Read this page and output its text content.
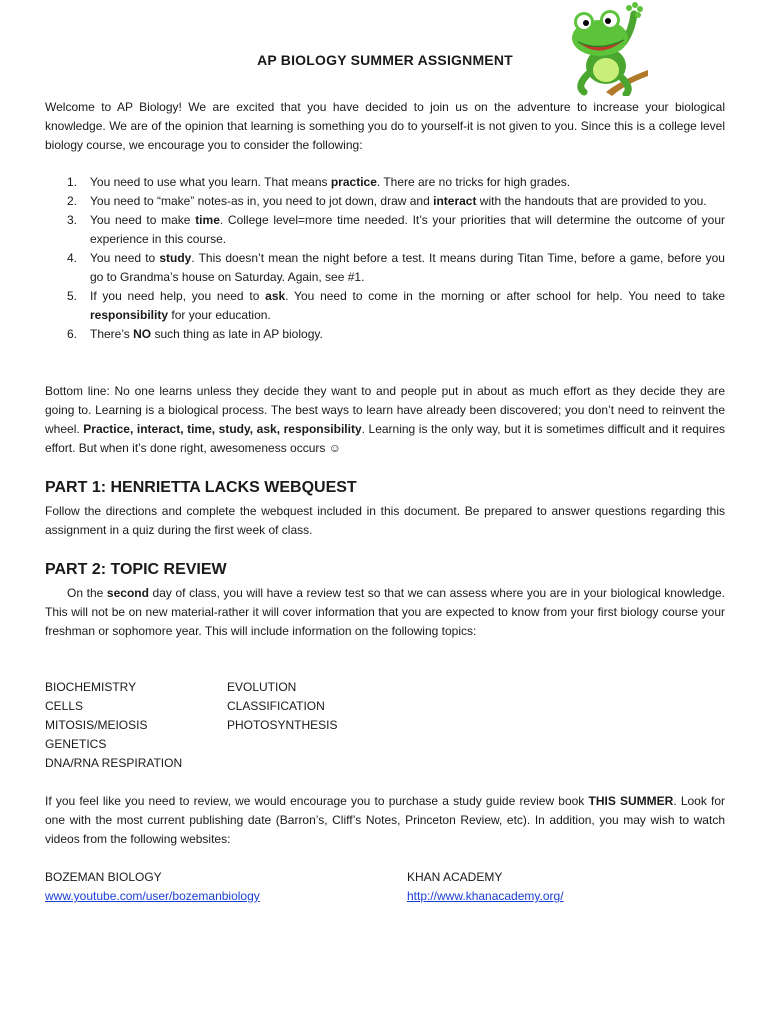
AP BIOLOGY SUMMER ASSIGNMENT

Welcome to AP Biology! We are excited that you have decided to join us on the adventure to increase your biological knowledge. We are of the opinion that learning is something you do to yourself-it is not given to you. Since this is a college level biology course, we encourage you to consider the following:

1. You need to use what you learn. That means practice. There are no tricks for high grades.
2. You need to “make” notes-as in, you need to jot down, draw and interact with the handouts that are provided to you.
3. You need to make time. College level=more time needed. It’s your priorities that will determine the outcome of your experience in this course.
4. You need to study. This doesn’t mean the night before a test. It means during Titan Time, before a game, before you go to Grandma’s house on Saturday. Again, see #1.
5. If you need help, you need to ask. You need to come in the morning or after school for help. You need to take responsibility for your education.
6. There’s NO such thing as late in AP biology.

Bottom line: No one learns unless they decide they want to and people put in about as much effort as they decide they are going to. Learning is a biological process. The best ways to learn have already been discovered; you don’t need to reinvent the wheel. Practice, interact, time, study, ask, responsibility. Learning is the only way, but it is sometimes difficult and it requires effort. But when it’s done right, awesomeness occurs ☺

PART 1: HENRIETTA LACKS WEBQUEST

Follow the directions and complete the webquest included in this document. Be prepared to answer questions regarding this assignment in a quiz during the first week of class.

PART 2: TOPIC REVIEW

On the second day of class, you will have a review test so that we can assess where you are in your biological knowledge. This will not be on new material-rather it will cover information that you are expected to know from your first biology course your freshman or sophomore year. This will include information on the following topics:

BIOCHEMISTRY
CELLS
MITOSIS/MEIOSIS
GENETICS
DNA/RNA RESPIRATION
EVOLUTION
CLASSIFICATION
PHOTOSYNTHESIS

If you feel like you need to review, we would encourage you to purchase a study guide review book THIS SUMMER. Look for one with the most current publishing date (Barron’s, Cliff’s Notes, Princeton Review, etc). In addition, you may wish to watch videos from the following websites:

BOZEMAN BIOLOGY
www.youtube.com/user/bozemanbiology
KHAN ACADEMY
http://www.khanacademy.org/
